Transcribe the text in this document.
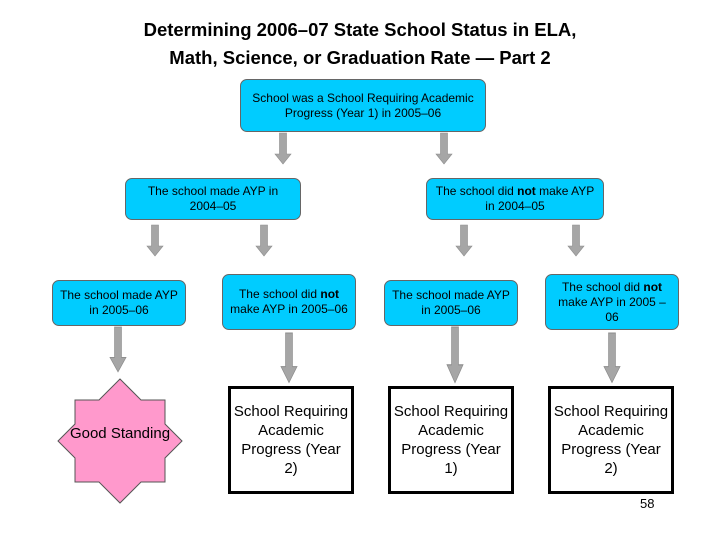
Determining 2006–07 State School Status in ELA,
Math, Science, or Graduation Rate — Part 2
School was a School Requiring Academic Progress (Year 1) in 2005–06
The school made AYP in 2004–05
The school did not make AYP in 2004–05
The school made AYP in 2005–06
The school did not make AYP in 2005–06
The school made AYP in 2005–06
The school did not make AYP in 2005 –06
Good Standing
School Requiring Academic Progress (Year 2)
School Requiring Academic Progress (Year 1)
School Requiring Academic Progress (Year 2)
58
